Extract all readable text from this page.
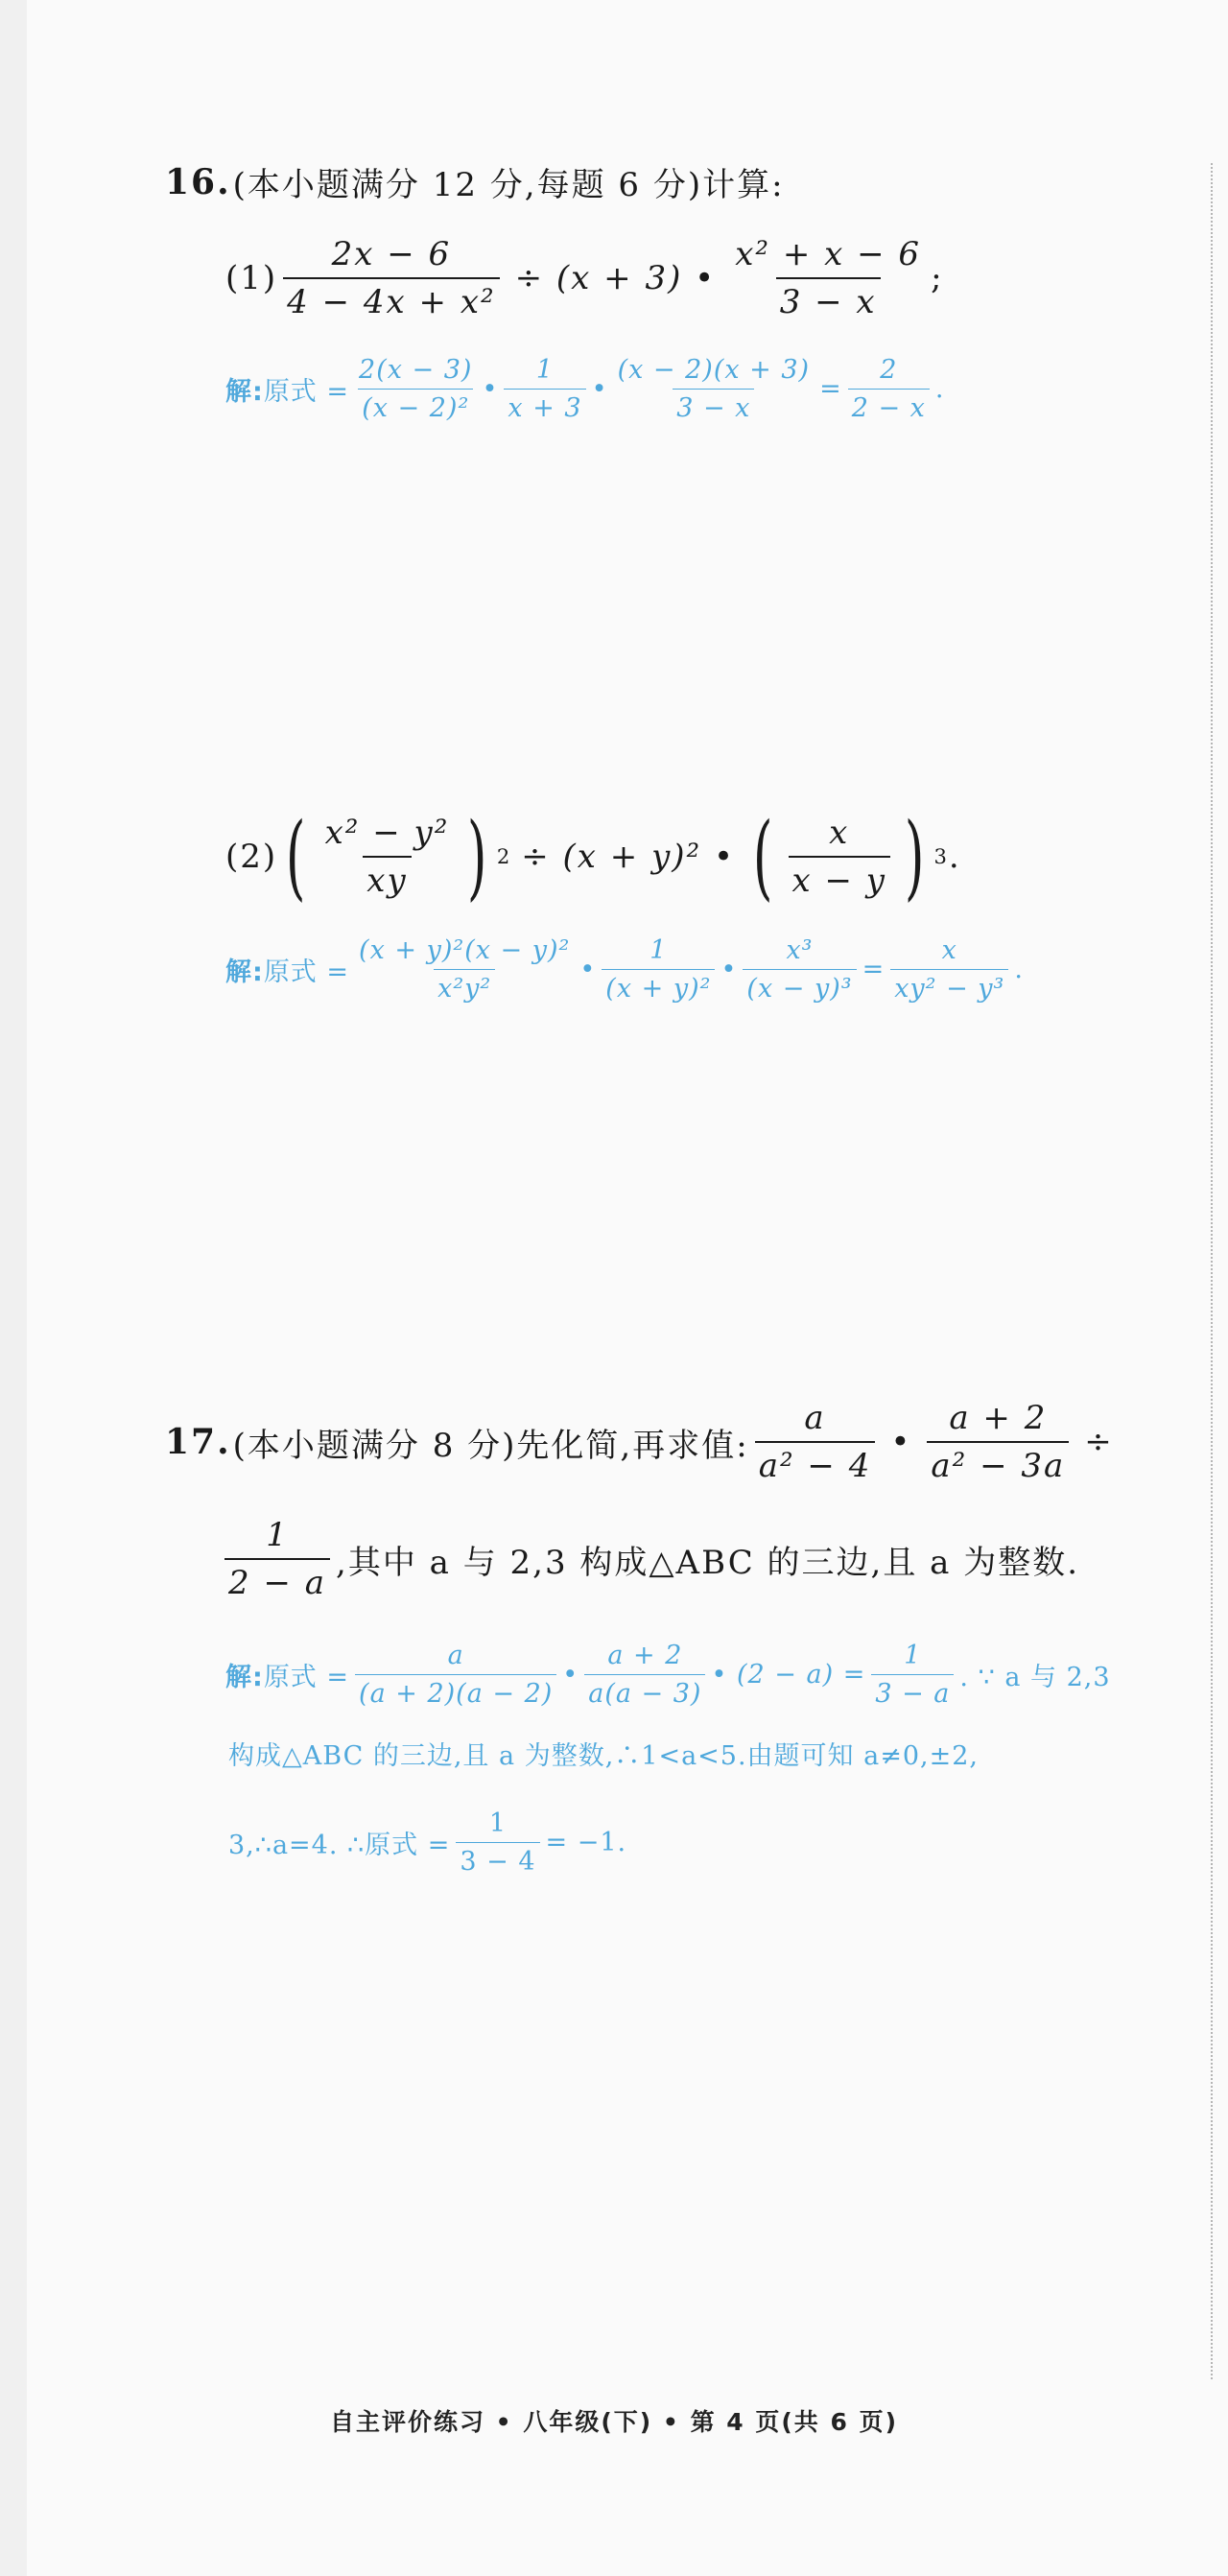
16. (本小题满分 12 分,每题 6 分)计算:
$(1) \frac{2x - 6}{\text{4 − 4x + x²}} \div (x + 3)$ • $\frac{\text{x² + x − 6}}{3 - x}$ ;
解: 原式 = $\frac{2(x - 3)}{\text{(x − 2)²}}$ • $\frac{1}{x + 3}$ • $\frac{(x - 2)(x + 3)}{3 - x} = \frac{2}{2 - x}$ .
(2) ( $\frac{\text{x² − y²}}{xy}$ ) 2 ÷ (x + y)² • ( $\frac{x}{x - y}$ ) 3 .
解: 原式 = $\frac{\text{(x + y)²(x − y)²}}{\text{x²y²}}$ • $\frac{1}{\text{(x + y)²}}$ • $\frac{\text{x³}}{\text{(x − y)³}} = \frac{x}{\text{xy² − y³}}$ .
17. (本小题满分 8 分)先化简,再求值: $\frac{a}{\text{a² − 4}}$ • $\frac{a + 2}{\text{a² − 3a}}$ ÷
$\frac{1}{2 - a}$ ,其中 a 与 2,3 构成△ABC 的三边,且 a 为整数.
解: 原式 = $\frac{a}{(a + 2)(a - 2)}$ • $\frac{a + 2}{a(a - 3)}$ • $(2 - a) = \frac{1}{3 - a}$ . ∵ a 与 2,3
构成△ABC 的三边,且 a 为整数,∴1<a<5.由题可知 a≠0,±2,
3,∴a=4. ∴原式 = $\frac{1}{3 - 4} = -1$.
自主评价练习 • 八年级(下) • 第 4 页(共 6 页)
